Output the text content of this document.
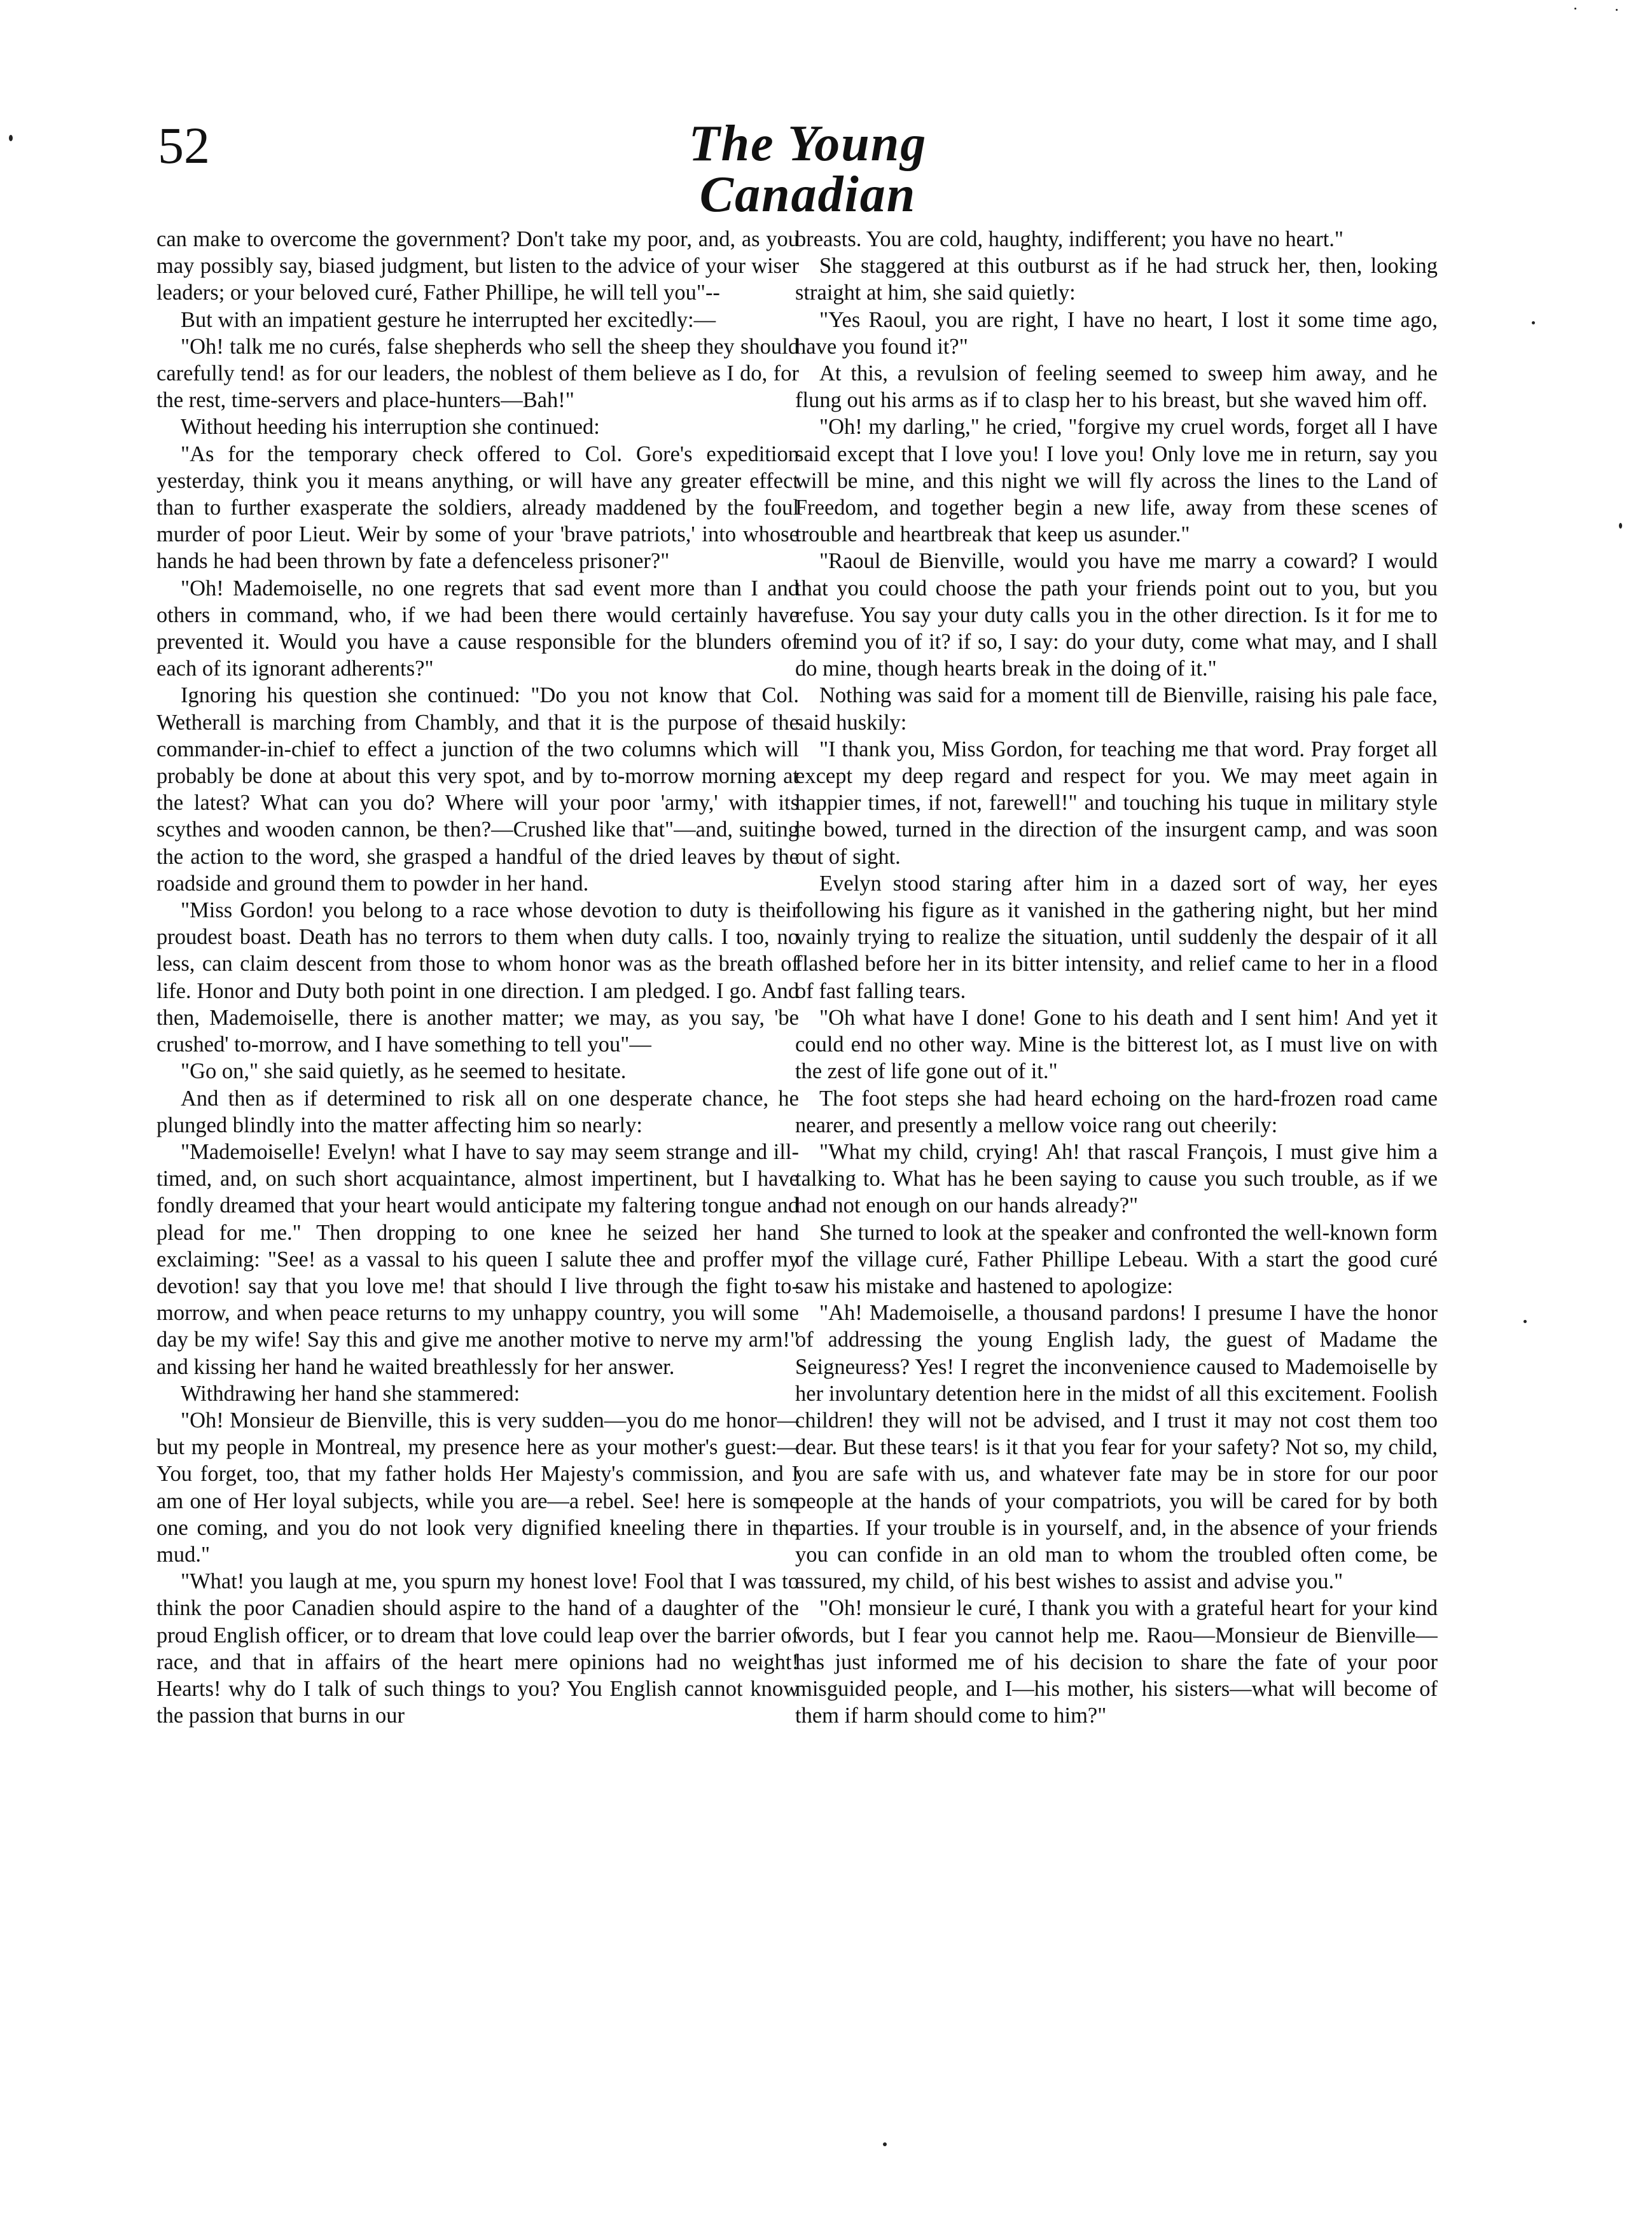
52	The Young Canadian

can make to overcome the government? Don't take my poor, and, as you may possibly say, biased judgment, but listen to the advice of your wiser leaders; or your beloved curé, Father Phillipe, he will tell you"--

But with an impatient gesture he interrupted her excitedly:—

"Oh! talk me no curés, false shepherds who sell the sheep they should carefully tend! as for our leaders, the noblest of them believe as I do, for the rest, time-servers and place-hunters—Bah!"

Without heeding his interruption she continued:

"As for the temporary check offered to Col. Gore's expedition yesterday, think you it means anything, or will have any greater effect than to further exasperate the soldiers, already maddened by the foul murder of poor Lieut. Weir by some of your 'brave patriots,' into whose hands he had been thrown by fate a defenceless prisoner?"

"Oh! Mademoiselle, no one regrets that sad event more than I and others in command, who, if we had been there would certainly have prevented it. Would you have a cause responsible for the blunders of each of its ignorant adherents?"

Ignoring his question she continued: "Do you not know that Col. Wetherall is marching from Chambly, and that it is the purpose of the commander-in-chief to effect a junction of the two columns which will probably be done at about this very spot, and by to-morrow morning at the latest? What can you do? Where will your poor 'army,' with its scythes and wooden cannon, be then?—Crushed like that"—and, suiting the action to the word, she grasped a handful of the dried leaves by the roadside and ground them to powder in her hand.

"Miss Gordon! you belong to a race whose devotion to duty is their proudest boast. Death has no terrors to them when duty calls. I too, no less, can claim descent from those to whom honor was as the breath of life. Honor and Duty both point in one direction. I am pledged. I go. And then, Mademoiselle, there is another matter; we may, as you say, 'be crushed' to-morrow, and I have something to tell you"—

"Go on," she said quietly, as he seemed to hesitate.

And then as if determined to risk all on one desperate chance, he plunged blindly into the matter affecting him so nearly:

"Mademoiselle! Evelyn! what I have to say may seem strange and ill-timed, and, on such short acquaintance, almost impertinent, but I have fondly dreamed that your heart would anticipate my faltering tongue and plead for me." Then dropping to one knee he seized her hand exclaiming: "See! as a vassal to his queen I salute thee and proffer my devotion! say that you love me! that should I live through the fight to-morrow, and when peace returns to my unhappy country, you will some day be my wife! Say this and give me another motive to nerve my arm!" and kissing her hand he waited breathlessly for her answer.

Withdrawing her hand she stammered:

"Oh! Monsieur de Bienville, this is very sudden—you do me honor—but my people in Montreal, my presence here as your mother's guest:—You forget, too, that my father holds Her Majesty's commission, and I am one of Her loyal subjects, while you are—a rebel. See! here is some one coming, and you do not look very dignified kneeling there in the mud."

"What! you laugh at me, you spurn my honest love! Fool that I was to think the poor Canadien should aspire to the hand of a daughter of the proud English officer, or to dream that love could leap over the barrier of race, and that in affairs of the heart mere opinions had no weight! Hearts! why do I talk of such things to you? You English cannot know the passion that burns in our

breasts. You are cold, haughty, indifferent; you have no heart."

She staggered at this outburst as if he had struck her, then, looking straight at him, she said quietly:

"Yes Raoul, you are right, I have no heart, I lost it some time ago, have you found it?"

At this, a revulsion of feeling seemed to sweep him away, and he flung out his arms as if to clasp her to his breast, but she waved him off.

"Oh! my darling," he cried, "forgive my cruel words, forget all I have said except that I love you! I love you! Only love me in return, say you will be mine, and this night we will fly across the lines to the Land of Freedom, and together begin a new life, away from these scenes of trouble and heartbreak that keep us asunder."

"Raoul de Bienville, would you have me marry a coward? I would that you could choose the path your friends point out to you, but you refuse. You say your duty calls you in the other direction. Is it for me to remind you of it? if so, I say: do your duty, come what may, and I shall do mine, though hearts break in the doing of it."

Nothing was said for a moment till de Bienville, raising his pale face, said huskily:

"I thank you, Miss Gordon, for teaching me that word. Pray forget all except my deep regard and respect for you. We may meet again in happier times, if not, farewell!" and touching his tuque in military style he bowed, turned in the direction of the insurgent camp, and was soon out of sight.

Evelyn stood staring after him in a dazed sort of way, her eyes following his figure as it vanished in the gathering night, but her mind vainly trying to realize the situation, until suddenly the despair of it all flashed before her in its bitter intensity, and relief came to her in a flood of fast falling tears.

"Oh what have I done! Gone to his death and I sent him! And yet it could end no other way. Mine is the bitterest lot, as I must live on with the zest of life gone out of it."

The foot steps she had heard echoing on the hard-frozen road came nearer, and presently a mellow voice rang out cheerily:

"What my child, crying! Ah! that rascal François, I must give him a talking to. What has he been saying to cause you such trouble, as if we had not enough on our hands already?"

She turned to look at the speaker and confronted the well-known form of the village curé, Father Phillipe Lebeau. With a start the good curé saw his mistake and hastened to apologize:

"Ah! Mademoiselle, a thousand pardons! I presume I have the honor of addressing the young English lady, the guest of Madame the Seigneuress? Yes! I regret the inconvenience caused to Mademoiselle by her involuntary detention here in the midst of all this excitement. Foolish children! they will not be advised, and I trust it may not cost them too dear. But these tears! is it that you fear for your safety? Not so, my child, you are safe with us, and whatever fate may be in store for our poor people at the hands of your compatriots, you will be cared for by both parties. If your trouble is in yourself, and, in the absence of your friends you can confide in an old man to whom the troubled often come, be assured, my child, of his best wishes to assist and advise you."

"Oh! monsieur le curé, I thank you with a grateful heart for your kind words, but I fear you cannot help me. Raou—Monsieur de Bienville—has just informed me of his decision to share the fate of your poor misguided people, and I—his mother, his sisters—what will become of them if harm should come to him?"
